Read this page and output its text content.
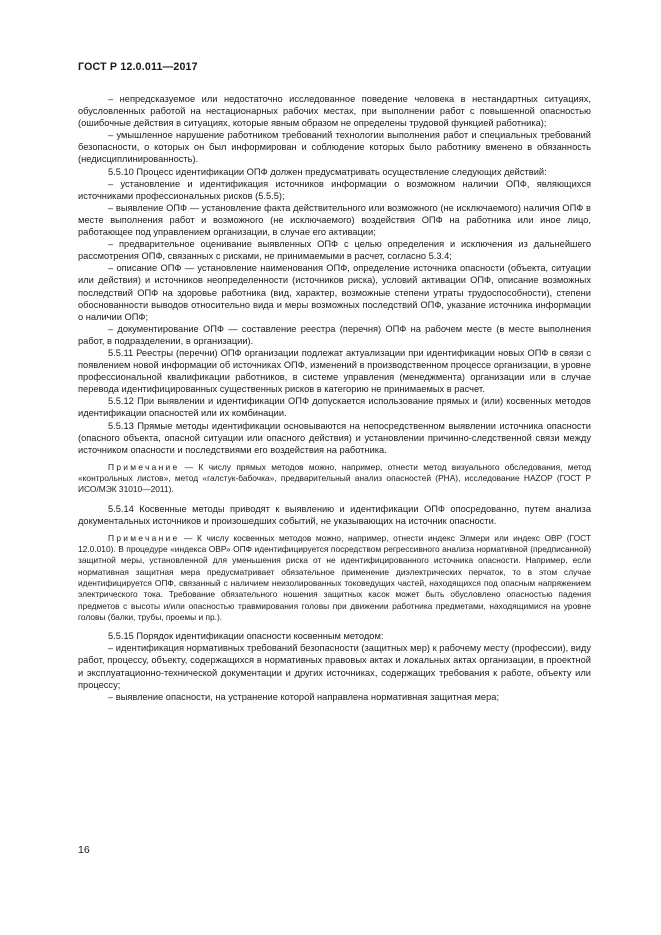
ГОСТ Р 12.0.011—2017

– непредсказуемое или недостаточно исследованное поведение человека в нестандартных ситуациях, обусловленных работой на нестационарных рабочих местах, при выполнении работ с повышенной опасностью (ошибочные действия в ситуациях, которые явным образом не определены трудовой функцией работника);

– умышленное нарушение работником требований технологии выполнения работ и специальных требований безопасности, о которых он был информирован и соблюдение которых было работнику вменено в обязанность (недисциплинированность).

5.5.10 Процесс идентификации ОПФ должен предусматривать осуществление следующих действий:

– установление и идентификация источников информации о возможном наличии ОПФ, являющихся источниками профессиональных рисков (5.5.5);

– выявление ОПФ — установление факта действительного или возможного (не исключаемого) наличия ОПФ в месте выполнения работ и возможного (не исключаемого) воздействия ОПФ на работника или иное лицо, работающее под управлением организации, в случае его активации;

– предварительное оценивание выявленных ОПФ с целью определения и исключения из дальнейшего рассмотрения ОПФ, связанных с рисками, не принимаемыми в расчет, согласно 5.3.4;

– описание ОПФ — установление наименования ОПФ, определение источника опасности (объекта, ситуации или действия) и источников неопределенности (источников риска), условий активации ОПФ, описание возможных последствий ОПФ на здоровье работника (вид, характер, возможные степени утраты трудоспособности), степени обоснованности выводов относительно вида и меры возможных последствий ОПФ, указание источника информации о наличии ОПФ;

– документирование ОПФ — составление реестра (перечня) ОПФ на рабочем месте (в месте выполнения работ, в подразделении, в организации).

5.5.11 Реестры (перечни) ОПФ организации подлежат актуализации при идентификации новых ОПФ в связи с появлением новой информации об источниках ОПФ, изменений в производственном процессе организации, в уровне профессиональной квалификации работников, в системе управления (менеджмента) организации или в случае перевода идентифицированных существенных рисков в категорию не принимаемых в расчет.

5.5.12 При выявлении и идентификации ОПФ допускается использование прямых и (или) косвенных методов идентификации опасностей или их комбинации.

5.5.13 Прямые методы идентификации основываются на непосредственном выявлении источника опасности (опасного объекта, опасной ситуации или опасного действия) и установлении причинно-следственной связи между источником опасности и последствиями его воздействия на работника.

Примечание — К числу прямых методов можно, например, отнести метод визуального обследования, метод «контрольных листов», метод «галстук-бабочка», предварительный анализ опасностей (PHA), исследование HAZOP (ГОСТ Р ИСО/МЭК 31010—2011).

5.5.14 Косвенные методы приводят к выявлению и идентификации ОПФ опосредованно, путем анализа документальных источников и произошедших событий, не указывающих на источник опасности.

Примечание — К числу косвенных методов можно, например, отнести индекс Элмери или индекс ОВР (ГОСТ 12.0.010). В процедуре «индекса ОВР» ОПФ идентифицируется посредством регрессивного анализа нормативной (предписанной) защитной меры, установленной для уменьшения риска от не идентифицированного источника опасности. Например, если нормативная защитная мера предусматривает обязательное применение диэлектрических перчаток, то в этом случае идентифицируется ОПФ, связанный с наличием неизолированных токоведущих частей, находящихся под опасным напряжением электрического тока. Требование обязательного ношения защитных касок может быть обусловлено опасностью падения предметов с высоты и/или опасностью травмирования головы при движении работника предметами, находящимися на уровне головы (балки, трубы, проемы и пр.).

5.5.15 Порядок идентификации опасности косвенным методом:

– идентификация нормативных требований безопасности (защитных мер) к рабочему месту (профессии), виду работ, процессу, объекту, содержащихся в нормативных правовых актах и локальных актах организации, в проектной и эксплуатационно-технической документации и других источниках, содержащих требования к работе, объекту или процессу;

– выявление опасности, на устранение которой направлена нормативная защитная мера;

16
